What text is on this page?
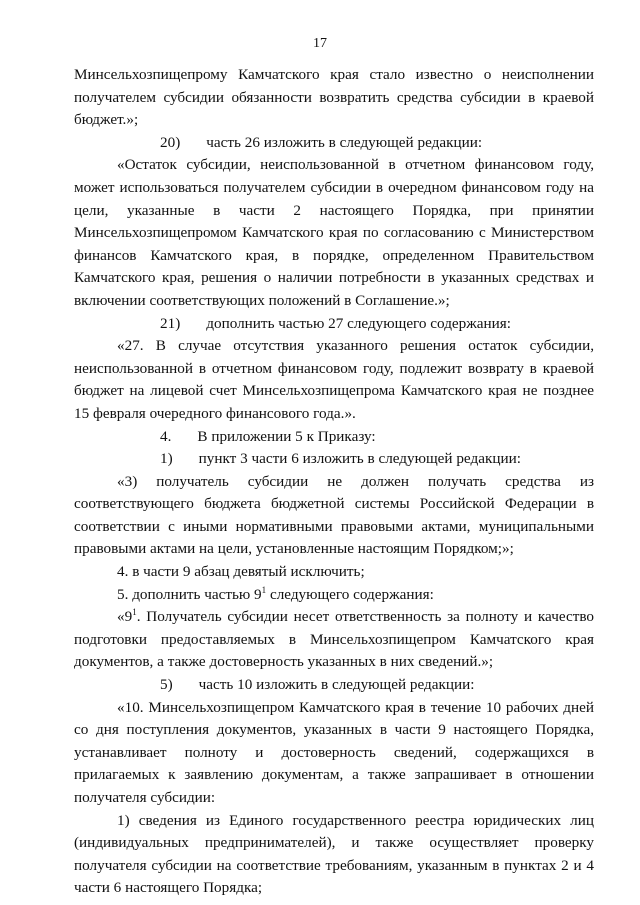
17

Минсельхозпищепрому Камчатского края стало известно о неисполнении получателем субсидии обязанности возвратить средства субсидии в краевой бюджет.»;

20) часть 26 изложить в следующей редакции:

«Остаток субсидии, неиспользованной в отчетном финансовом году, может использоваться получателем субсидии в очередном финансовом году на цели, указанные в части 2 настоящего Порядка, при принятии Минсельхозпищепромом Камчатского края по согласованию с Министерством финансов Камчатского края, в порядке, определенном Правительством Камчатского края, решения о наличии потребности в указанных средствах и включении соответствующих положений в Соглашение.»;

21) дополнить частью 27 следующего содержания:

«27. В случае отсутствия указанного решения остаток субсидии, неиспользованной в отчетном финансовом году, подлежит возврату в краевой бюджет на лицевой счет Минсельхозпищепрома Камчатского края не позднее 15 февраля очередного финансового года.».

4. В приложении 5 к Приказу:

1) пункт 3 части 6 изложить в следующей редакции:

«3) получатель субсидии не должен получать средства из соответствующего бюджета бюджетной системы Российской Федерации в соответствии с иными нормативными правовыми актами, муниципальными правовыми актами на цели, установленные настоящим Порядком;»;

4. в части 9 абзац девятый исключить;

5. дополнить частью $9^1$ следующего содержания:

«$9^1$. Получатель субсидии несет ответственность за полноту и качество подготовки предоставляемых в Минсельхозпищепром Камчатского края документов, а также достоверность указанных в них сведений.»;

5) часть 10 изложить в следующей редакции:

«10. Минсельхозпищепром Камчатского края в течение 10 рабочих дней со дня поступления документов, указанных в части 9 настоящего Порядка, устанавливает полноту и достоверность сведений, содержащихся в прилагаемых к заявлению документам, а также запрашивает в отношении получателя субсидии:

1) сведения из Единого государственного реестра юридических лиц (индивидуальных предпринимателей), и также осуществляет проверку получателя субсидии на соответствие требованиям, указанным в пунктах 2 и 4 части 6 настоящего Порядка;
